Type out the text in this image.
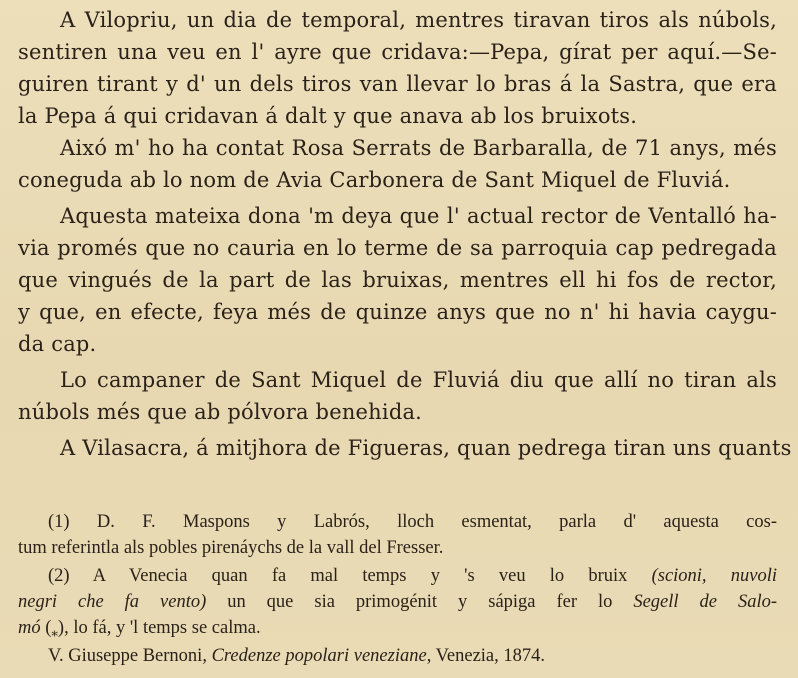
A Vilopriu, un dia de temporal, mentres tiravan tiros als núbols,
sentiren una veu en l' ayre que cridava:—Pepa, gírat per aquí.—Se-
guiren tirant y d' un dels tiros van llevar lo bras á la Sastra, que era
la Pepa á qui cridavan á dalt y que anava ab los bruixots.
Aixó m' ho ha contat Rosa Serrats de Barbaralla, de 71 anys, més
coneguda ab lo nom de Avia Carbonera de Sant Miquel de Fluviá.
Aquesta mateixa dona 'm deya que l' actual rector de Ventalló ha-
via promés que no cauria en lo terme de sa parroquia cap pedregada
que vingués de la part de las bruixas, mentres ell hi fos de rector,
y que, en efecte, feya més de quinze anys que no n' hi havia caygu-
da cap.
Lo campaner de Sant Miquel de Fluviá diu que allí no tiran als
núbols més que ab pólvora benehida.
A Vilasacra, á mitjhora de Figueras, quan pedrega tiran uns quants
(1) D. F. Maspons y Labrós, lloch esmentat, parla d' aquesta cos-
tum referintla als pobles pirenáychs de la vall del Fresser.
(2) A Venecia quan fa mal temps y 's veu lo bruix (scioni, nuvoli
negri che fa vento) un que sia primogénit y sápiga fer lo Segell de Salo-
mó (⁎), lo fá, y 'l temps se calma.
V. Giuseppe Bernoni, Credenze popolari veneziane, Venezia, 1874.
